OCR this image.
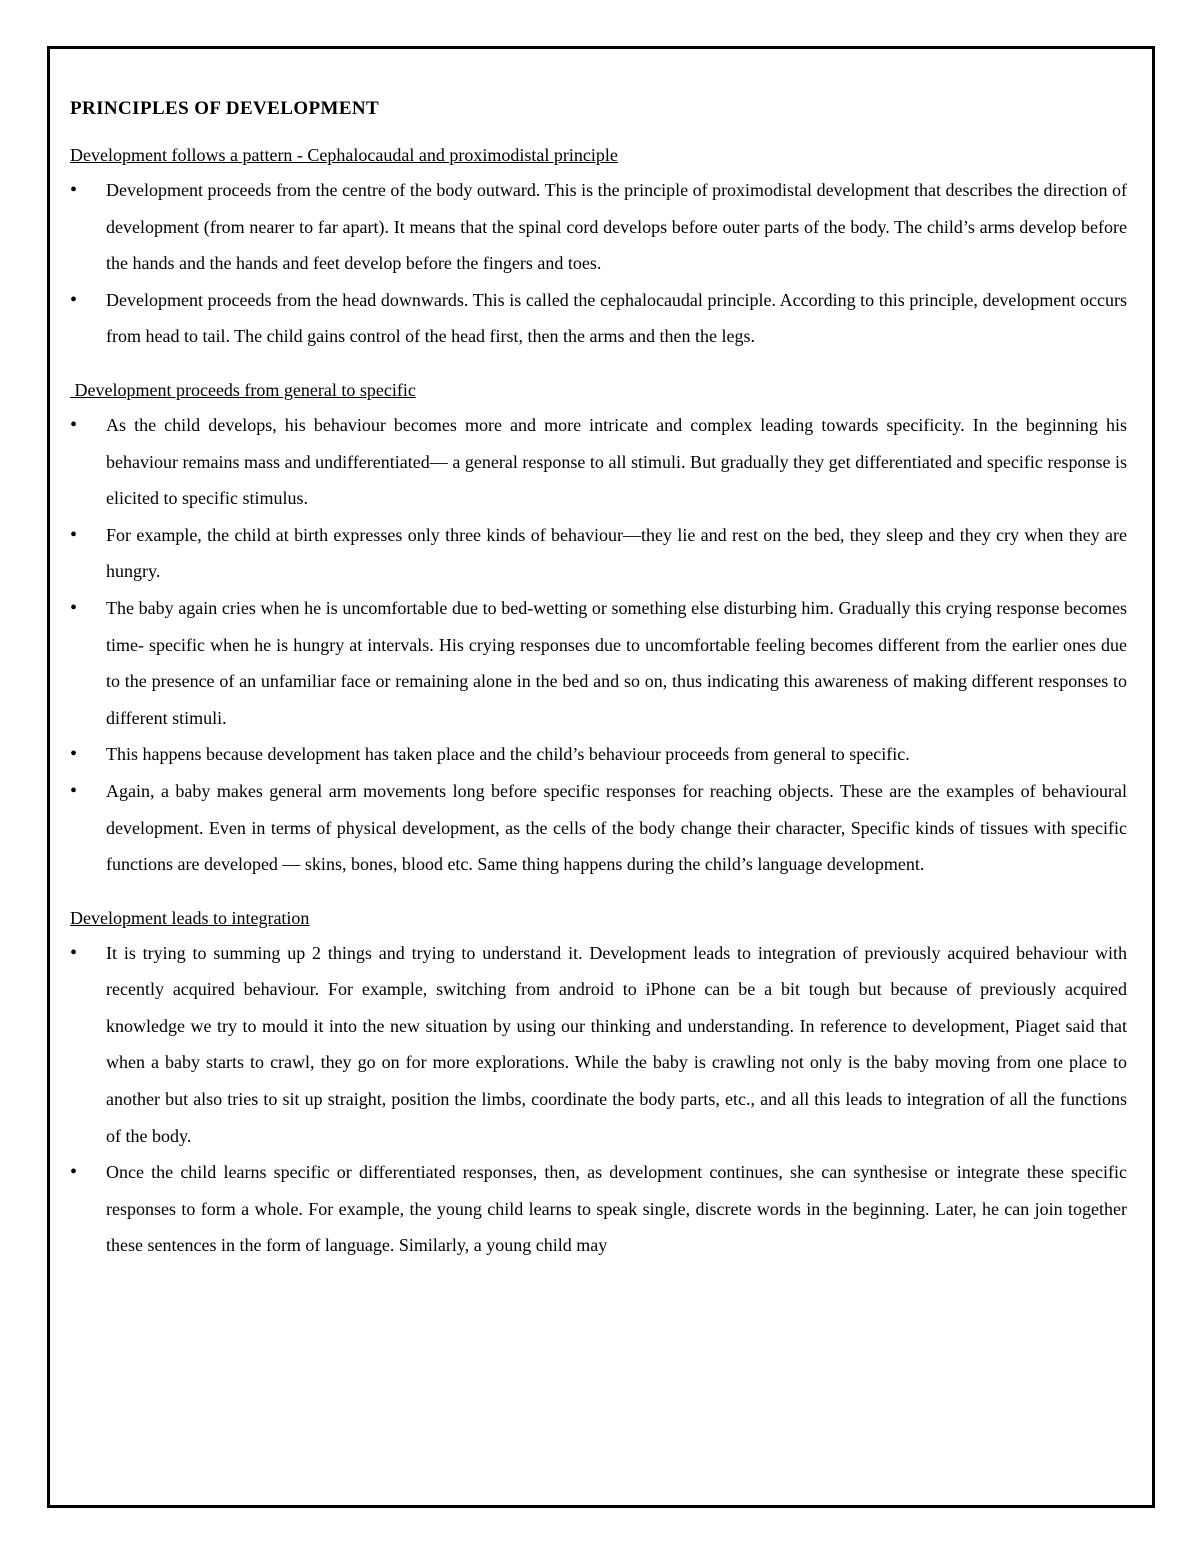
PRINCIPLES OF DEVELOPMENT
Development follows a pattern - Cephalocaudal and proximodistal principle
• Development proceeds from the centre of the body outward. This is the principle of proximodistal development that describes the direction of development (from nearer to far apart). It means that the spinal cord develops before outer parts of the body. The child’s arms develop before the hands and the hands and feet develop before the fingers and toes.
• Development proceeds from the head downwards. This is called the cephalocaudal principle. According to this principle, development occurs from head to tail. The child gains control of the head first, then the arms and then the legs.
Development proceeds from general to specific
• As the child develops, his behaviour becomes more and more intricate and complex leading towards specificity. In the beginning his behaviour remains mass and undifferentiated— a general response to all stimuli. But gradually they get differentiated and specific response is elicited to specific stimulus.
• For example, the child at birth expresses only three kinds of behaviour—they lie and rest on the bed, they sleep and they cry when they are hungry.
• The baby again cries when he is uncomfortable due to bed-wetting or something else disturbing him. Gradually this crying response becomes time- specific when he is hungry at intervals. His crying responses due to uncomfortable feeling becomes different from the earlier ones due to the presence of an unfamiliar face or remaining alone in the bed and so on, thus indicating this awareness of making different responses to different stimuli.
• This happens because development has taken place and the child’s behaviour proceeds from general to specific.
• Again, a baby makes general arm movements long before specific responses for reaching objects. These are the examples of behavioural development. Even in terms of physical development, as the cells of the body change their character, Specific kinds of tissues with specific functions are developed — skins, bones, blood etc. Same thing happens during the child’s language development.
Development leads to integration
• It is trying to summing up 2 things and trying to understand it. Development leads to integration of previously acquired behaviour with recently acquired behaviour. For example, switching from android to iPhone can be a bit tough but because of previously acquired knowledge we try to mould it into the new situation by using our thinking and understanding. In reference to development, Piaget said that when a baby starts to crawl, they go on for more explorations. While the baby is crawling not only is the baby moving from one place to another but also tries to sit up straight, position the limbs, coordinate the body parts, etc., and all this leads to integration of all the functions of the body.
• Once the child learns specific or differentiated responses, then, as development continues, she can synthesise or integrate these specific responses to form a whole. For example, the young child learns to speak single, discrete words in the beginning. Later, he can join together these sentences in the form of language. Similarly, a young child may
